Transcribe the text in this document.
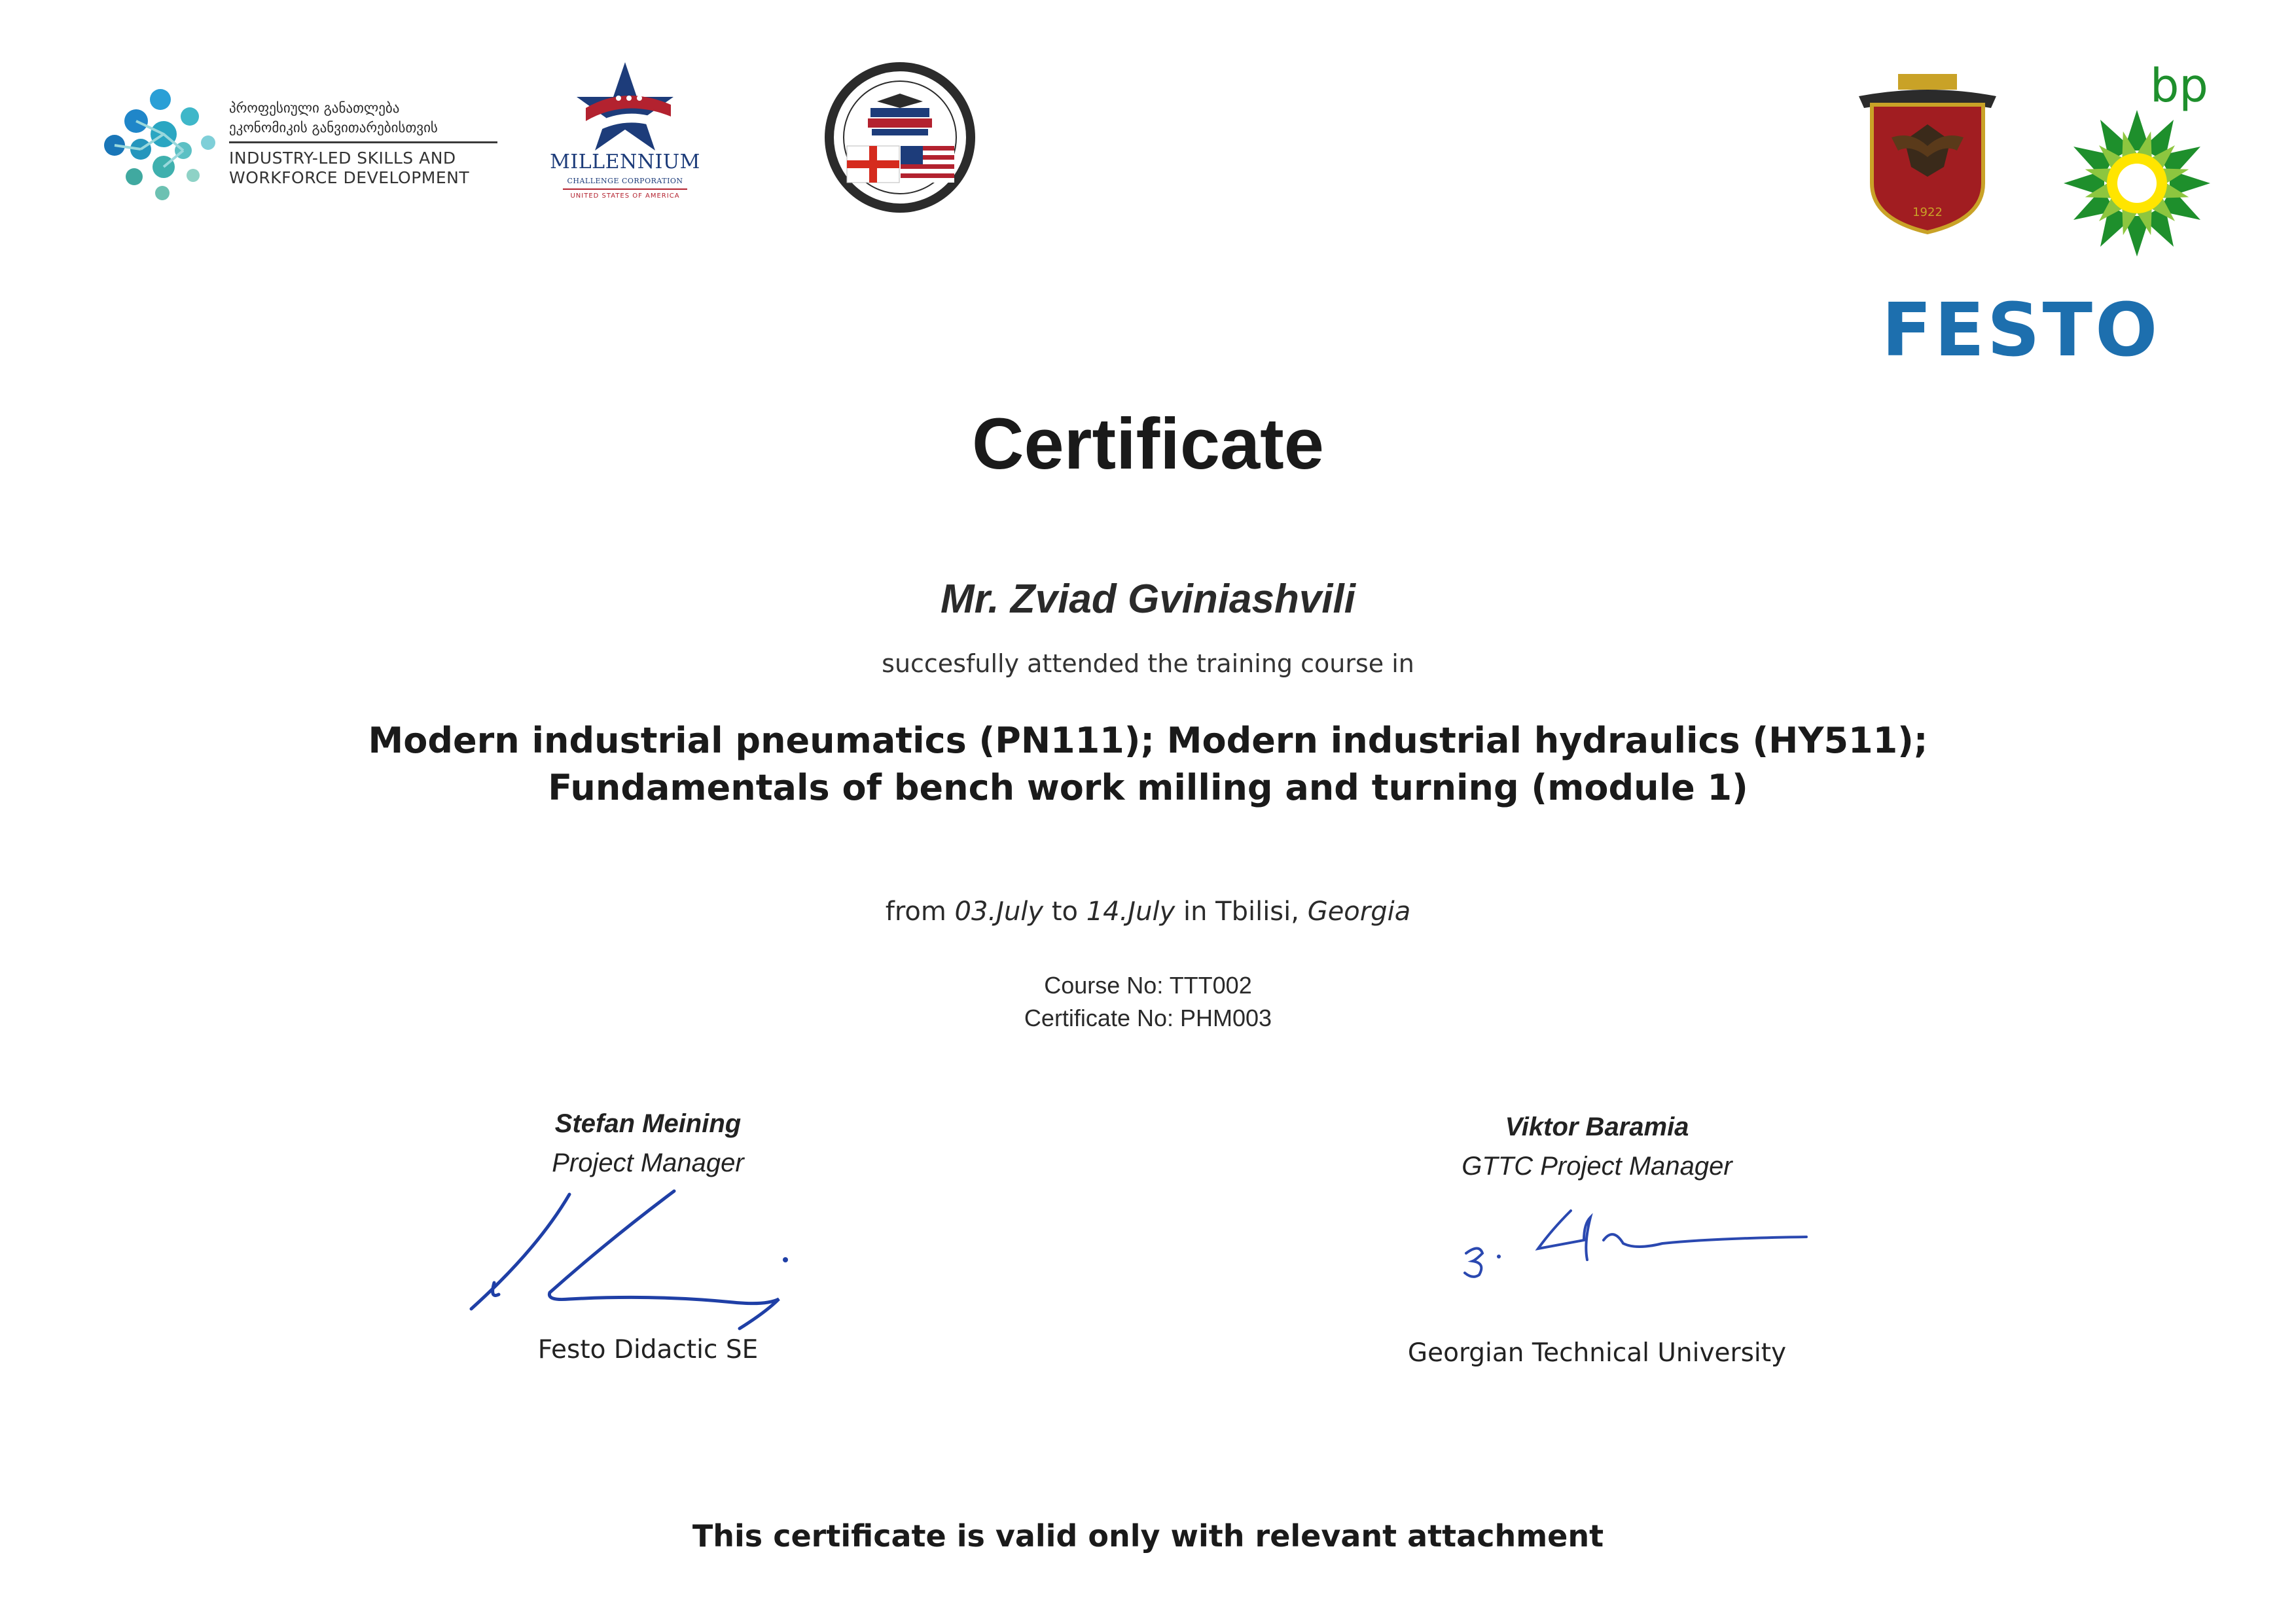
პროფესიული განათლება
ეკონომიკის განვითარებისთვის
INDUSTRY-LED SKILLS AND
WORKFORCE DEVELOPMENT
MILLENNIUM
CHALLENGE CORPORATION
UNITED STATES OF AMERICA
1922
bp
FESTO
Certificate
Mr. Zviad Gviniashvili
succesfully attended the training course in
Modern industrial pneumatics (PN111); Modern industrial hydraulics (HY511);
Fundamentals of bench work milling and turning (module 1)
from 03.July to 14.July in Tbilisi, Georgia
Course No: TTT002
Certificate No: PHM003
Stefan Meining
Project Manager
Festo Didactic SE
Viktor Baramia
GTTC Project Manager
Georgian Technical University
This certificate is valid only with relevant attachment
